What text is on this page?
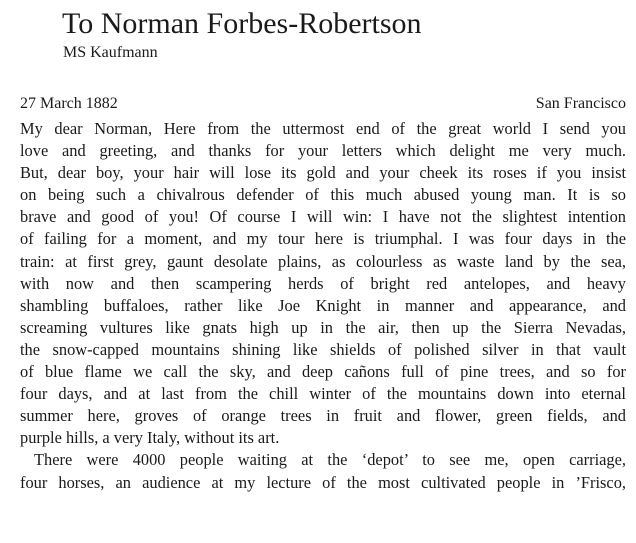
To Norman Forbes-Robertson

MS Kaufmann

27 March 1882	San Francisco
My dear Norman, Here from the uttermost end of the great world I send you
love and greeting, and thanks for your letters which delight me very much.
But, dear boy, your hair will lose its gold and your cheek its roses if you insist
on being such a chivalrous defender of this much abused young man. It is so
brave and good of you! Of course I will win: I have not the slightest intention
of failing for a moment, and my tour here is triumphal. I was four days in the
train: at first grey, gaunt desolate plains, as colourless as waste land by the sea,
with now and then scampering herds of bright red antelopes, and heavy
shambling buffaloes, rather like Joe Knight in manner and appearance, and
screaming vultures like gnats high up in the air, then up the Sierra Nevadas,
the snow-capped mountains shining like shields of polished silver in that vault
of blue flame we call the sky, and deep cañons full of pine trees, and so for
four days, and at last from the chill winter of the mountains down into eternal
summer here, groves of orange trees in fruit and flower, green fields, and
purple hills, a very Italy, without its art.
There were 4000 people waiting at the ‘depot’ to see me, open carriage,
four horses, an audience at my lecture of the most cultivated people in ’Frisco,
